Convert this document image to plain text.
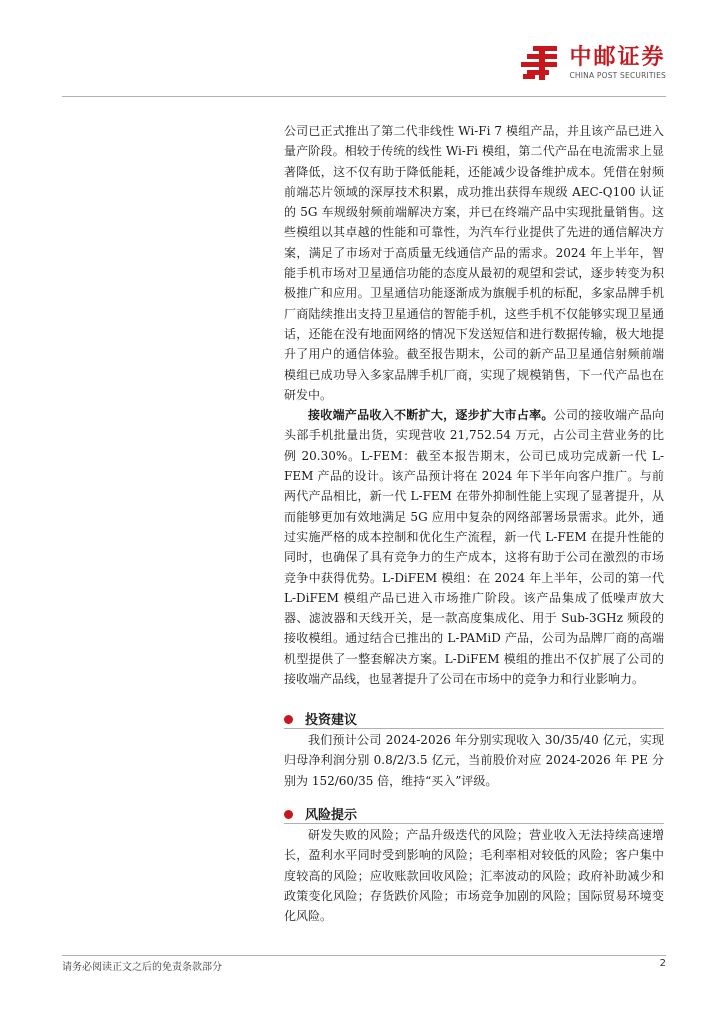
中邮证券
CHINA POST SECURITIES

公司已正式推出了第二代非线性 Wi-Fi 7 模组产品，并且该产品已进入量产阶段。相较于传统的线性 Wi-Fi 模组，第二代产品在电流需求上显著降低，这不仅有助于降低能耗，还能减少设备维护成本。凭借在射频前端芯片领域的深厚技术积累，成功推出获得车规级 AEC-Q100 认证的 5G 车规级射频前端解决方案，并已在终端产品中实现批量销售。这些模组以其卓越的性能和可靠性，为汽车行业提供了先进的通信解决方案，满足了市场对于高质量无线通信产品的需求。2024 年上半年，智能手机市场对卫星通信功能的态度从最初的观望和尝试，逐步转变为积极推广和应用。卫星通信功能逐渐成为旗舰手机的标配，多家品牌手机厂商陆续推出支持卫星通信的智能手机，这些手机不仅能够实现卫星通话，还能在没有地面网络的情况下发送短信和进行数据传输，极大地提升了用户的通信体验。截至报告期末，公司的新产品卫星通信射频前端模组已成功导入多家品牌手机厂商，实现了规模销售，下一代产品也在研发中。

接收端产品收入不断扩大，逐步扩大市占率。公司的接收端产品向头部手机批量出货，实现营收 21,752.54 万元，占公司主营业务的比例 20.30%。L-FEM：截至本报告期末，公司已成功完成新一代 L-FEM 产品的设计。该产品预计将在 2024 年下半年向客户推广。与前两代产品相比，新一代 L-FEM 在带外抑制性能上实现了显著提升，从而能够更加有效地满足 5G 应用中复杂的网络部署场景需求。此外，通过实施严格的成本控制和优化生产流程，新一代 L-FEM 在提升性能的同时，也确保了具有竞争力的生产成本，这将有助于公司在激烈的市场竞争中获得优势。L-DiFEM 模组：在 2024 年上半年，公司的第一代 L-DiFEM 模组产品已进入市场推广阶段。该产品集成了低噪声放大器、滤波器和天线开关，是一款高度集成化、用于 Sub-3GHz 频段的接收模组。通过结合已推出的 L-PAMiD 产品，公司为品牌厂商的高端机型提供了一整套解决方案。L-DiFEM 模组的推出不仅扩展了公司的接收端产品线，也显著提升了公司在市场中的竞争力和行业影响力。

投资建议

我们预计公司 2024-2026 年分别实现收入 30/35/40 亿元，实现归母净利润分别 0.8/2/3.5 亿元，当前股价对应 2024-2026 年 PE 分别为 152/60/35 倍，维持“买入”评级。

风险提示

研发失败的风险；产品升级迭代的风险；营业收入无法持续高速增长，盈利水平同时受到影响的风险；毛利率相对较低的风险；客户集中度较高的风险；应收账款回收风险；汇率波动的风险；政府补助减少和政策变化风险；存货跌价风险；市场竞争加剧的风险；国际贸易环境变化风险。

请务必阅读正文之后的免责条款部分	2
